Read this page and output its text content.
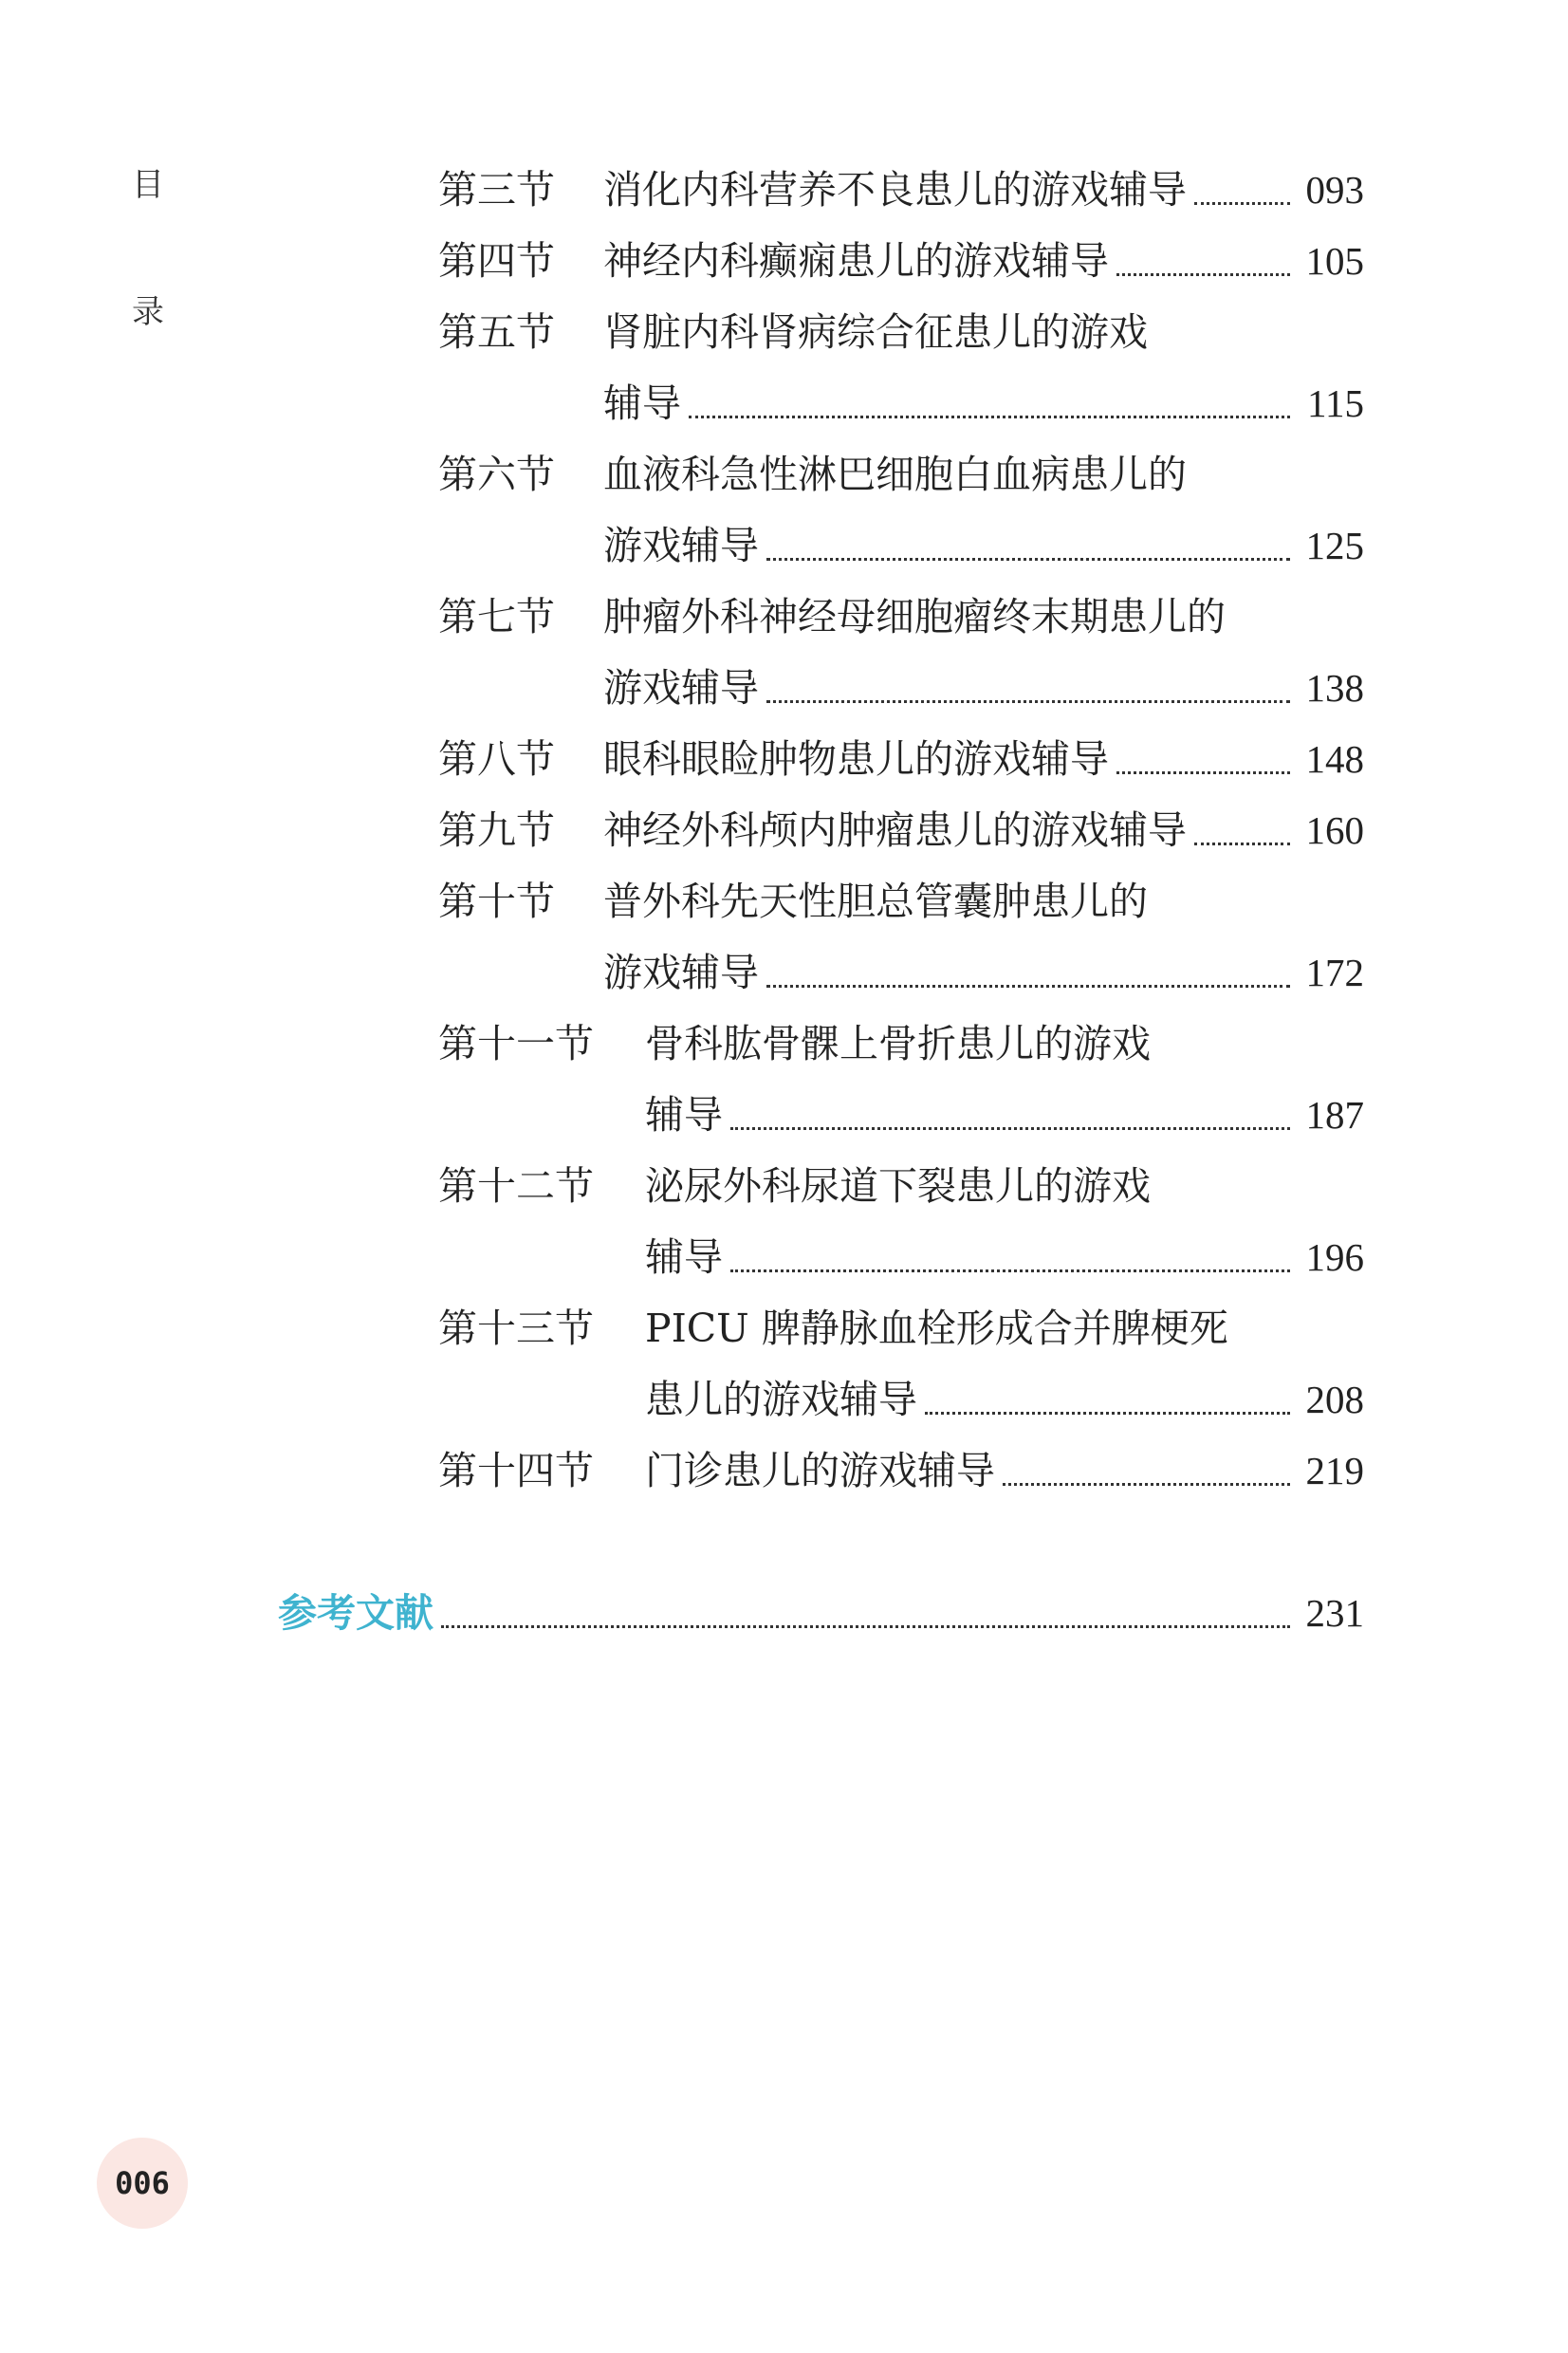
目
录
第三节 消化内科营养不良患儿的游戏辅导	093
第四节 神经内科癫痫患儿的游戏辅导	105
第五节 肾脏内科肾病综合征患儿的游戏
辅导	115
第六节 血液科急性淋巴细胞白血病患儿的
游戏辅导	125
第七节 肿瘤外科神经母细胞瘤终末期患儿的
游戏辅导	138
第八节 眼科眼睑肿物患儿的游戏辅导	148
第九节 神经外科颅内肿瘤患儿的游戏辅导	160
第十节 普外科先天性胆总管囊肿患儿的
游戏辅导	172
第十一节 骨科肱骨髁上骨折患儿的游戏
辅导	187
第十二节 泌尿外科尿道下裂患儿的游戏
辅导	196
第十三节 PICU 脾静脉血栓形成合并脾梗死
患儿的游戏辅导	208
第十四节 门诊患儿的游戏辅导	219
参考文献	231
006
